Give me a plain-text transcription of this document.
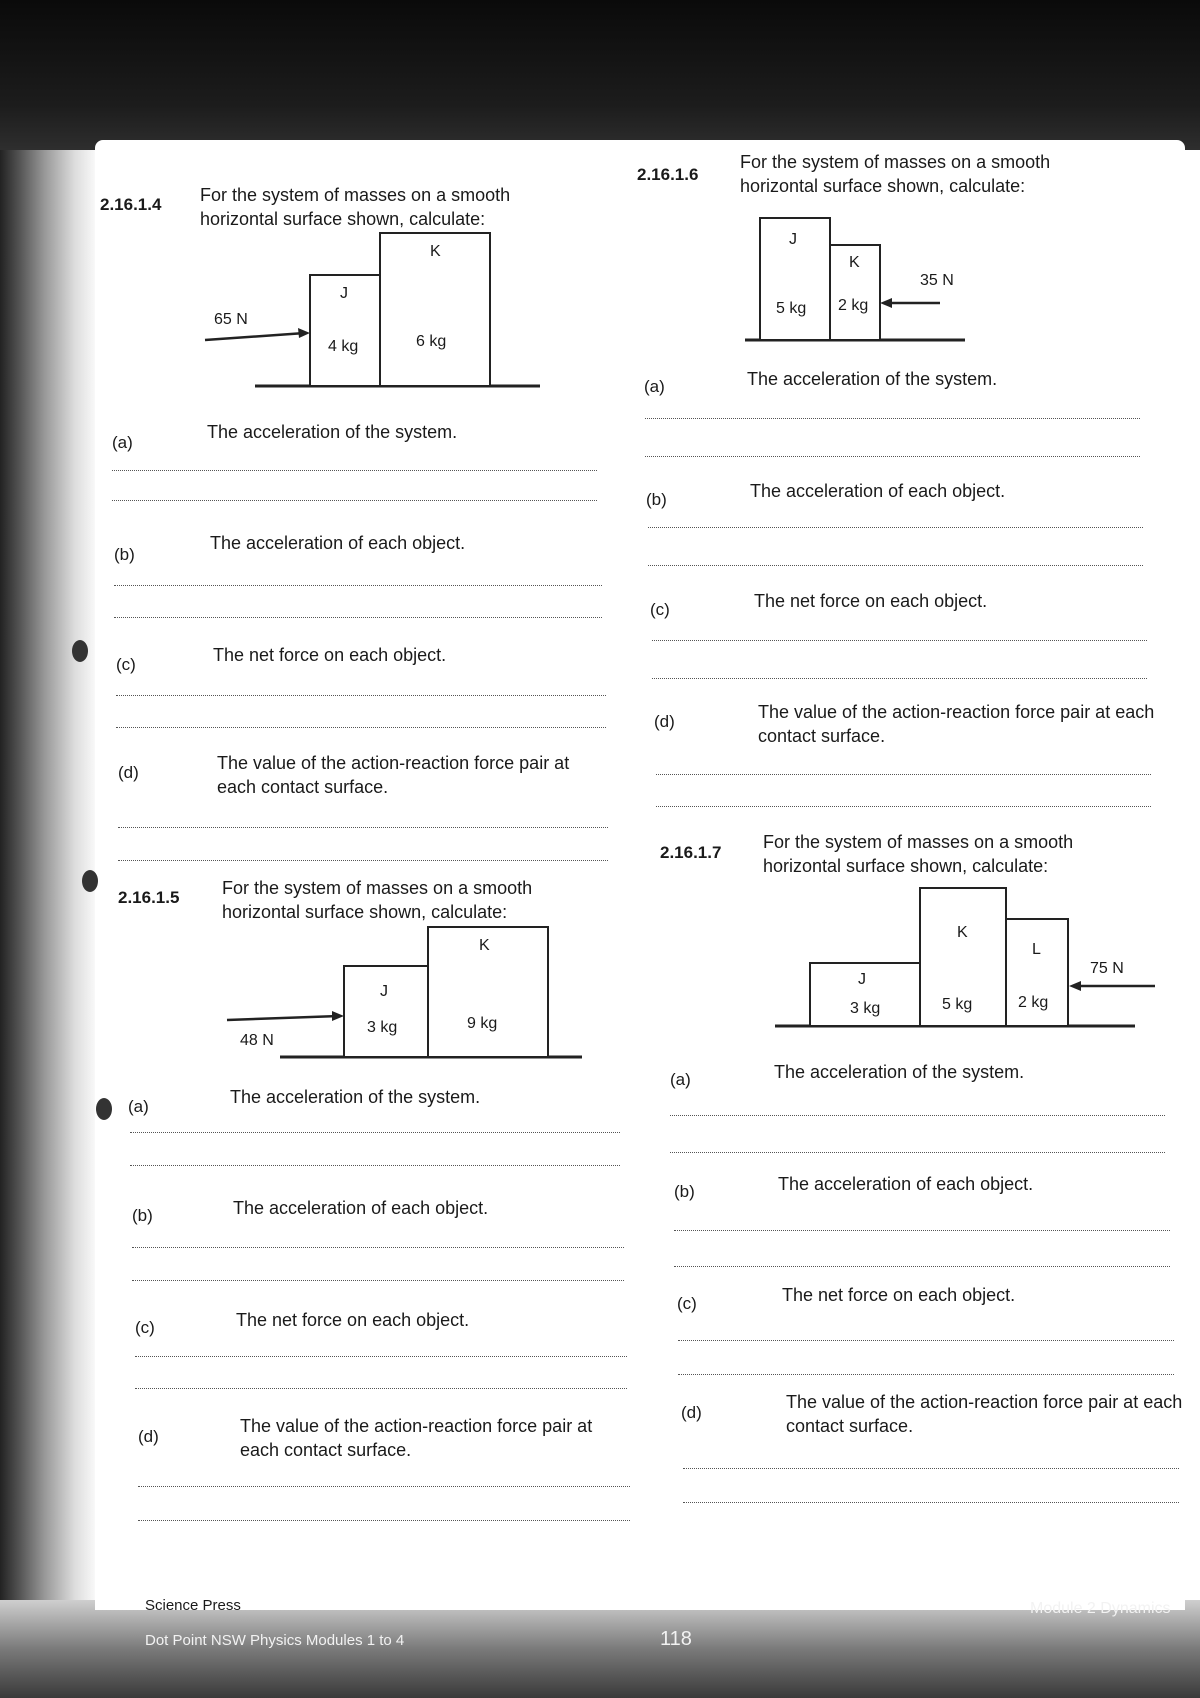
2.16.1.4 For the system of masses on a smooth horizontal surface shown, calculate:
J
4 kg
K
6 kg
65 N
(a)
The acceleration of the system.
(b)
The acceleration of each object.
(c)	The net force on each object.
(d)	The value of the action-reaction force pair at each contact surface.
2.16.1.5 For the system of masses on a smooth horizontal surface shown, calculate:
J
3 kg
K
9 kg
48 N
(a)	The acceleration of the system.
(b)	The acceleration of each object.
(c)	The net force on each object.
(d)
The value of the action-reaction force pair at each contact surface.
2.16.1.6
For the system of masses on a smooth horizontal surface shown, calculate:
J
5 kg
K
2 kg
35 N
(a)	The acceleration of the system.
(b)	The acceleration of each object.
(c)	The net force on each object.
(d)	The value of the action-reaction force pair at each contact surface.
2.16.1.7
For the system of masses on a smooth horizontal surface shown, calculate:
J
3 kg
K
5 kg
L
2 kg
75 N
(a)	The acceleration of the system.
(b)	The acceleration of each object.
(c)	The net force on each object.
(d)
The value of the action-reaction force pair at each contact surface.
Science Press
Dot Point NSW Physics Modules 1 to 4	118
Module 2 Dynamics
